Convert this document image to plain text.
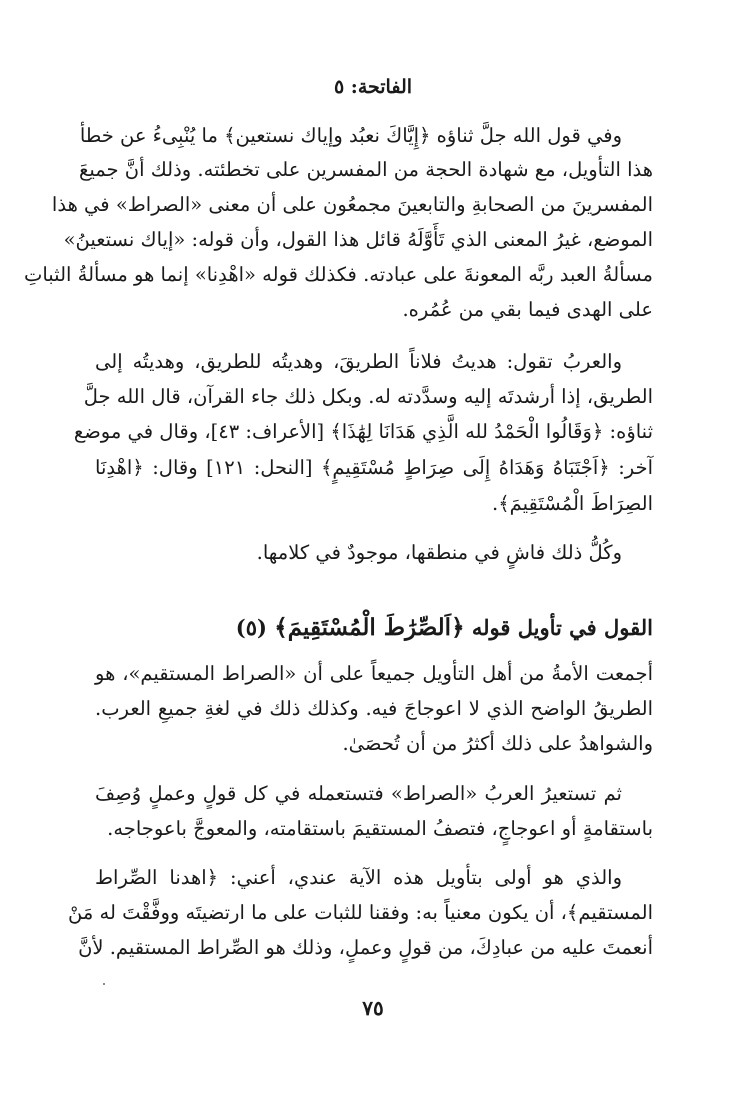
الفاتحة: ٥
وفي قول الله جلَّ ثناؤه ﴿إِيَّاكَ نعبُد وإياك نستعين﴾ ما يُنْبِىءُ عن خطأ
هذا التأويل، مع شهادة الحجة من المفسرين على تخطئته. وذلك أنَّ جميعَ
المفسرينَ من الصحابةِ والتابعينَ مجمعُون على أن معنى «الصراط» في هذا
الموضع، غيرُ المعنى الذي تَأَوَّلَهُ قائل هذا القول، وأن قوله: «إياك نستعينُ»
مسألةُ العبد ربَّه المعونةَ على عبادته. فكذلك قوله «اهْدِنا» إنما هو مسألةُ الثباتِ
على الهدى فيما بقي من عُمُره.
والعربُ تقول: هديتُ فلاناً الطريقَ، وهديتُه للطريق، وهديتُه إلى
الطريق، إذا أرشدتَه إليه وسدَّدته له. وبكل ذلك جاء القرآن، قال الله جلَّ
ثناؤه: ﴿وَقَالُوا الْحَمْدُ لله الَّذِي هَدَانَا لِهَٰذَا﴾ [الأعراف: ٤٣]، وقال في موضع
آخر: ﴿اَجْتَبَاهُ وَهَدَاهُ إِلَى صِرَاطٍ مُسْتَقِيمٍ﴾ [النحل: ١٢١] وقال: ﴿اهْدِنَا
الصِرَاطَ الْمُسْتَقِيمَ﴾.
وكُلُّ ذلك فاشٍ في منطقها، موجودٌ في كلامها.
القول في تأويل قوله ﴿اَلصِّرَٰطَ الْمُسْتَقِيمَ﴾ (٥)
أجمعت الأمةُ من أهل التأويل جميعاً على أن «الصراط المستقيم»، هو
الطريقُ الواضح الذي لا اعوجاجَ فيه. وكذلك ذلك في لغةِ جميعِ العرب.
والشواهدُ على ذلك أكثرُ من أن تُحصَىٰ.
ثم تستعيرُ العربُ «الصراط» فتستعمله في كل قولٍ وعملٍ وُصِفَ
باستقامةٍ أو اعوجاجٍ، فتصفُ المستقيمَ باستقامته، والمعوجَّ باعوجاجه.
والذي هو أولى بتأويل هذه الآية عندي، أعني: ﴿اهدنا الصِّراط
المستقيم﴾، أن يكون معنياً به: وفقنا للثبات على ما ارتضيتَه ووفَّقْتَ له مَنْ
أنعمتَ عليه من عبادِكَ، من قولٍ وعملٍ، وذلك هو الصِّراط المستقيم. لأنَّ
٧٥
